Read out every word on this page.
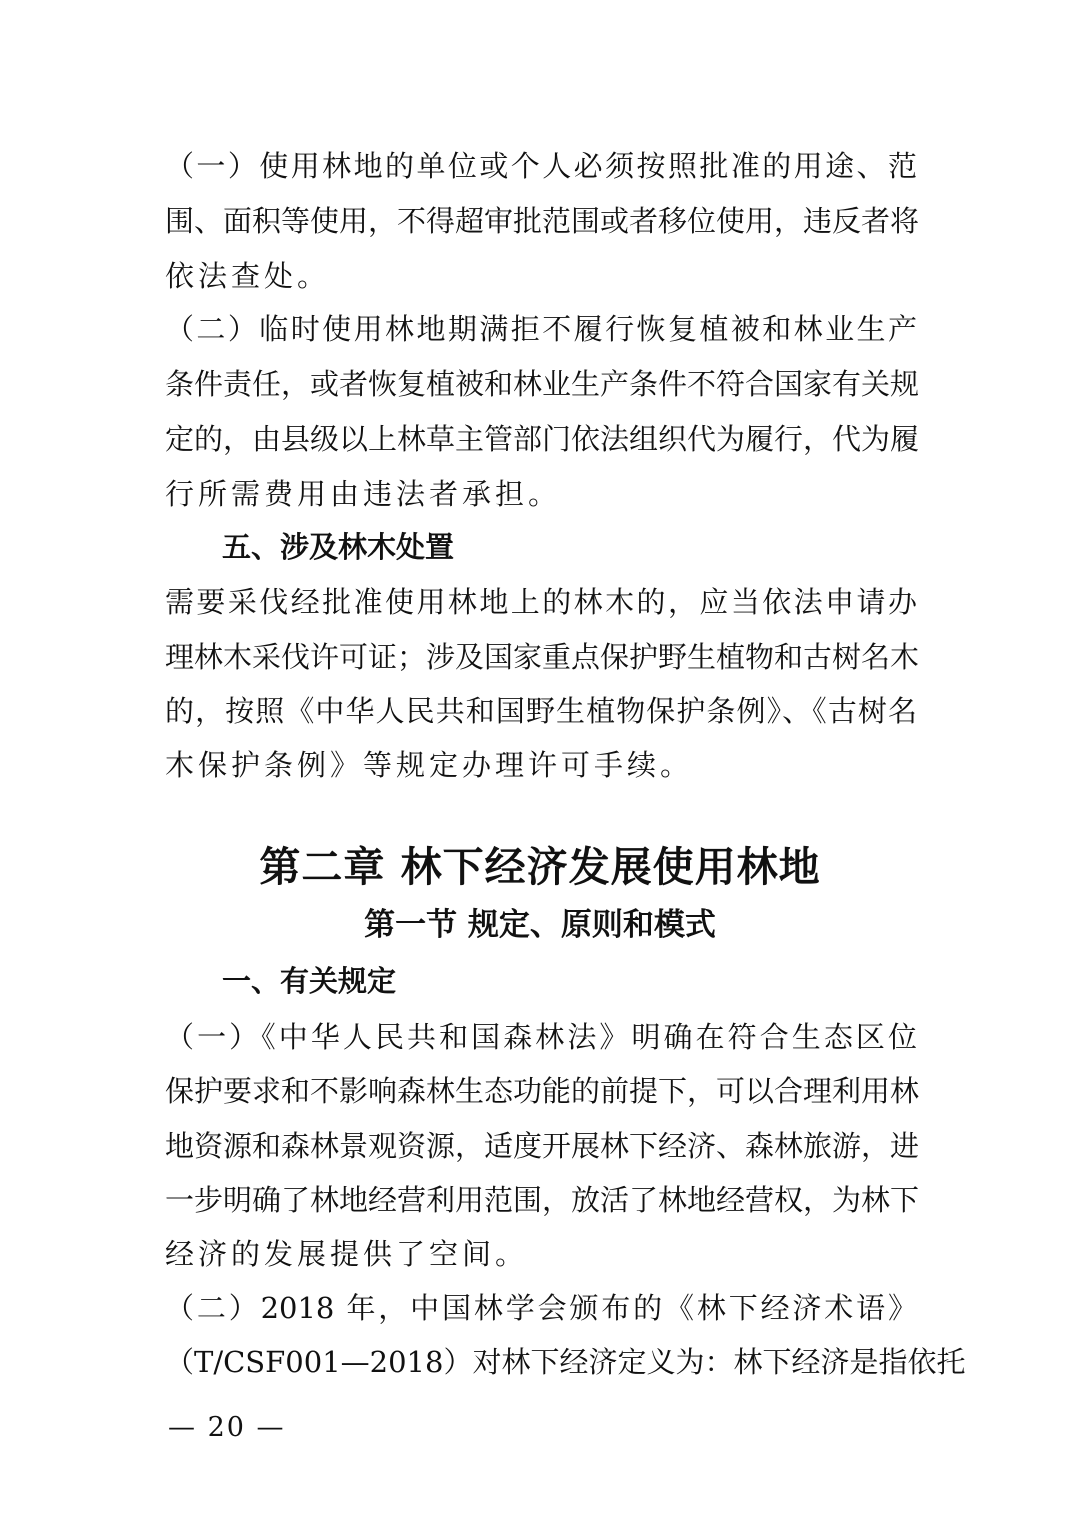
（一）使用林地的单位或个人必须按照批准的用途、范
围、面积等使用，不得超审批范围或者移位使用，违反者将
依法查处。
（二）临时使用林地期满拒不履行恢复植被和林业生产
条件责任，或者恢复植被和林业生产条件不符合国家有关规
定的，由县级以上林草主管部门依法组织代为履行，代为履
行所需费用由违法者承担。
五、涉及林木处置
需要采伐经批准使用林地上的林木的，应当依法申请办
理林木采伐许可证；涉及国家重点保护野生植物和古树名木
的，按照《中华人民共和国野生植物保护条例》、《古树名
木保护条例》等规定办理许可手续。
第二章 林下经济发展使用林地
第一节 规定、原则和模式
一、有关规定
（一）《中华人民共和国森林法》明确在符合生态区位
保护要求和不影响森林生态功能的前提下，可以合理利用林
地资源和森林景观资源，适度开展林下经济、森林旅游，进
一步明确了林地经营利用范围，放活了林地经营权，为林下
经济的发展提供了空间。
（二）2018 年，中国林学会颁布的《林下经济术语》
（T/CSF001—2018）对林下经济定义为：林下经济是指依托
— 20 —
